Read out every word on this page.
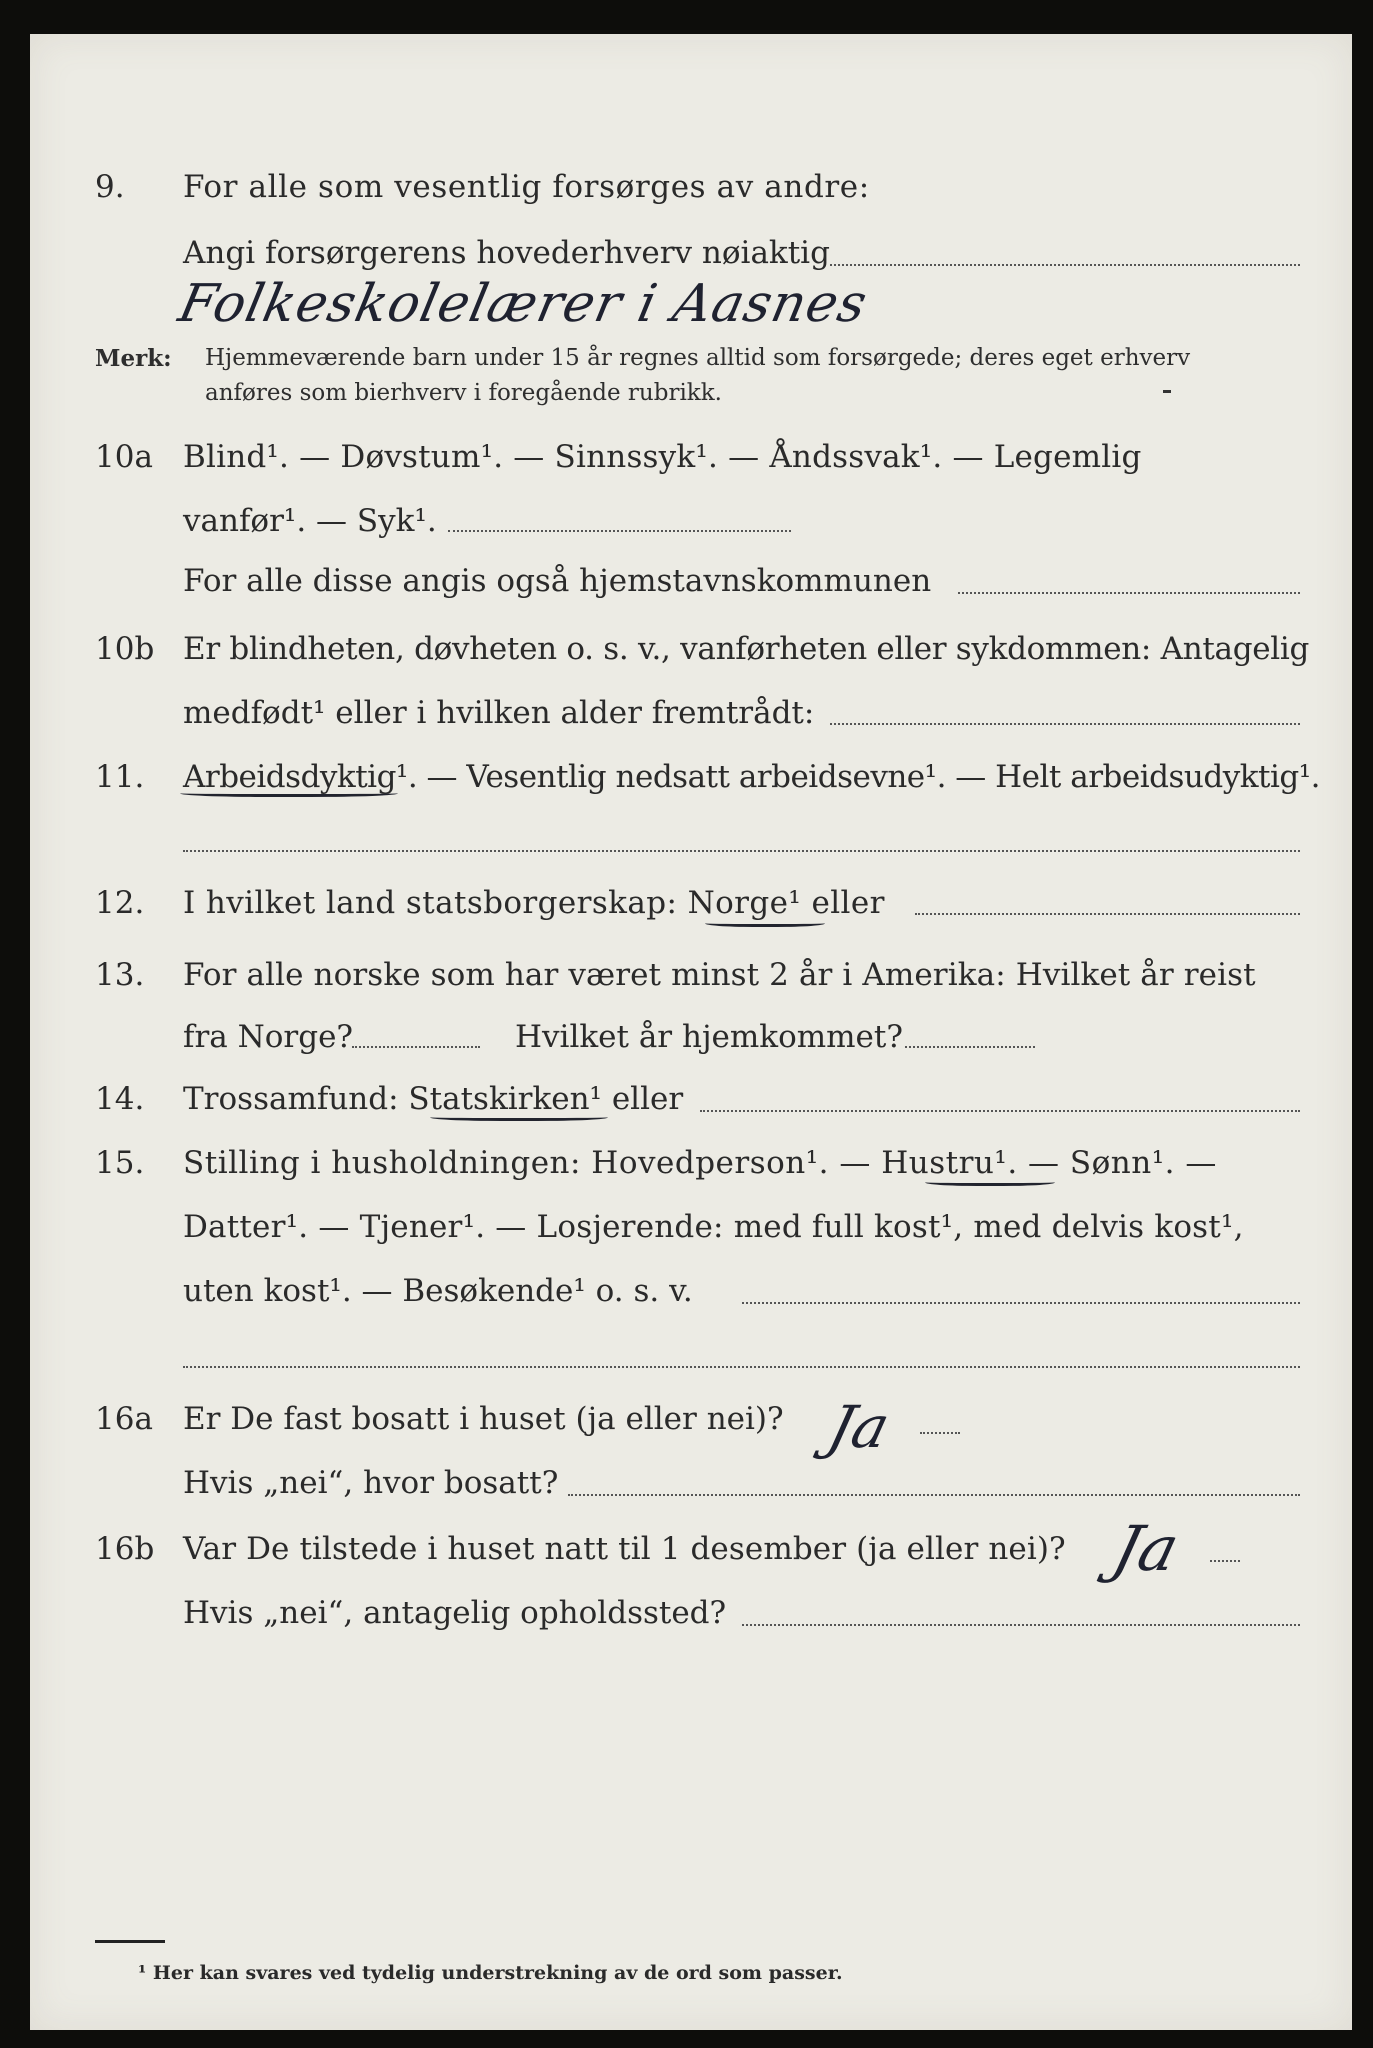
9. For alle som vesentlig forsørges av andre:
Angi forsørgerens hovederhverv nøiaktig
Folkeskolelærer i Aasnes
Merk: Hjemmeværende barn under 15 år regnes alltid som forsørgede; deres eget erhverv
anføres som bierhverv i foregående rubrikk.
10a Blind¹. — Døvstum¹. — Sinnssyk¹. — Åndssvak¹. — Legemlig
vanfør¹. — Syk¹.
For alle disse angis også hjemstavnskommunen
10b Er blindheten, døvheten o. s. v., vanførheten eller sykdommen: Antagelig
medfødt¹ eller i hvilken alder fremtrådt:
11. Arbeidsdyktig¹. — Vesentlig nedsatt arbeidsevne¹. — Helt arbeidsudyktig¹.
12. I hvilket land statsborgerskap: Norge¹ eller
13. For alle norske som har været minst 2 år i Amerika: Hvilket år reist
fra Norge?	Hvilket år hjemkommet?
14. Trossamfund: Statskirken¹ eller
15. Stilling i husholdningen: Hovedperson¹. — Hustru¹. — Sønn¹. —
Datter¹. — Tjener¹. — Losjerende: med full kost¹, med delvis kost¹,
uten kost¹. — Besøkende¹ o. s. v.
16a Er De fast bosatt i huset (ja eller nei)? Ja
Hvis „nei“, hvor bosatt?
16b Var De tilstede i huset natt til 1 desember (ja eller nei)? Ja
Hvis „nei“, antagelig opholdssted?
¹ Her kan svares ved tydelig understrekning av de ord som passer.
